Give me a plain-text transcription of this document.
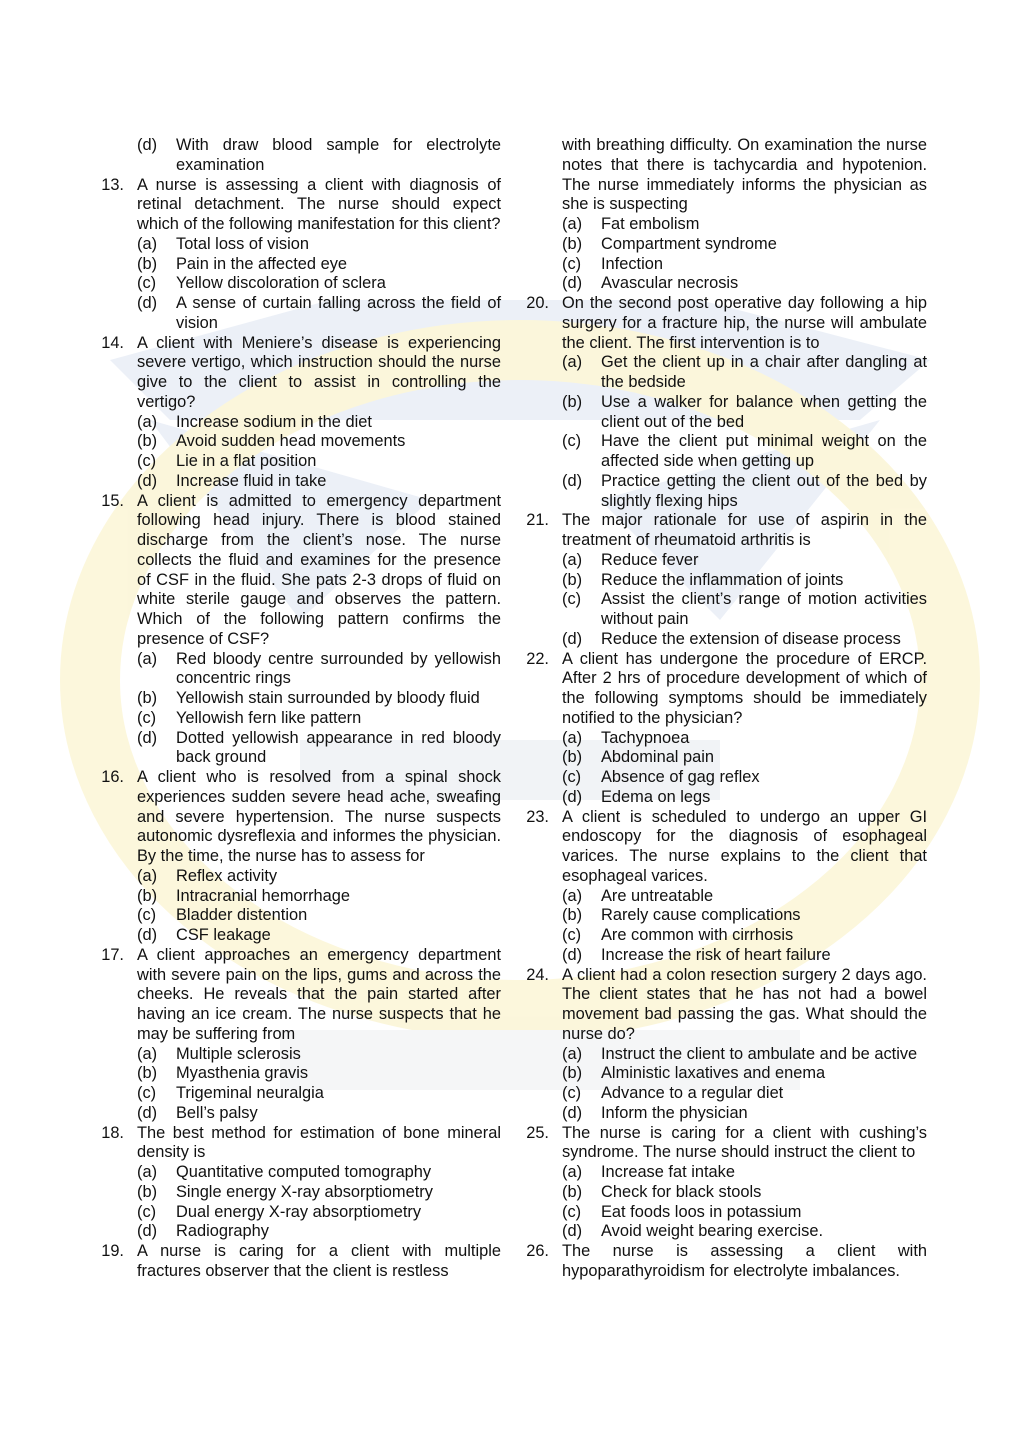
(d) With draw blood sample for electrolyte examination
13. A nurse is assessing a client with diagnosis of retinal detachment. The nurse should expect which of the following manifestation for this client?
(a) Total loss of vision
(b) Pain in the affected eye
(c) Yellow discoloration of sclera
(d) A sense of curtain falling across the field of vision
14. A client with Meniere’s disease is experiencing severe vertigo, which instruction should the nurse give to the client to assist in controlling the vertigo?
(a) Increase sodium in the diet
(b) Avoid sudden head movements
(c) Lie in a flat position
(d) Increase fluid in take
15. A client is admitted to emergency department following head injury. There is blood stained discharge from the client’s nose. The nurse collects the fluid and examines for the presence of CSF in the fluid. She pats 2-3 drops of fluid on white sterile gauge and observes the pattern. Which of the following pattern confirms the presence of CSF?
(a) Red bloody centre surrounded by yellowish concentric rings
(b) Yellowish stain surrounded by bloody fluid
(c) Yellowish fern like pattern
(d) Dotted yellowish appearance in red bloody back ground
16. A client who is resolved from a spinal shock experiences sudden severe head ache, sweafing and severe hypertension. The nurse suspects autonomic dysreflexia and informes the physician. By the time, the nurse has to assess for
(a) Reflex activity
(b) Intracranial hemorrhage
(c) Bladder distention
(d) CSF leakage
17. A client approaches an emergency department with severe pain on the lips, gums and across the cheeks. He reveals that the pain started after having an ice cream. The nurse suspects that he may be suffering from
(a) Multiple sclerosis
(b) Myasthenia gravis
(c) Trigeminal neuralgia
(d) Bell’s palsy
18. The best method for estimation of bone mineral density is
(a) Quantitative computed tomography
(b) Single energy X-ray absorptiometry
(c) Dual energy X-ray absorptiometry
(d) Radiography
19. A nurse is caring for a client with multiple fractures observer that the client is restless
with breathing difficulty. On examination the nurse notes that there is tachycardia and hypotenion. The nurse immediately informs the physician as she is suspecting
(a) Fat embolism
(b) Compartment syndrome
(c) Infection
(d) Avascular necrosis
20. On the second post operative day following a hip surgery for a fracture hip, the nurse will ambulate the client. The first intervention is to
(a) Get the client up in a chair after dangling at the bedside
(b) Use a walker for balance when getting the client out of the bed
(c) Have the client put minimal weight on the affected side when getting up
(d) Practice getting the client out of the bed by slightly flexing hips
21. The major rationale for use of aspirin in the treatment of rheumatoid arthritis is
(a) Reduce fever
(b) Reduce the inflammation of joints
(c) Assist the client’s range of motion activities without pain
(d) Reduce the extension of disease process
22. A client has undergone the procedure of ERCP. After 2 hrs of procedure development of which of the following symptoms should be immediately notified to the physician?
(a) Tachypnoea
(b) Abdominal pain
(c) Absence of gag reflex
(d) Edema on legs
23. A client is scheduled to undergo an upper GI endoscopy for the diagnosis of esophageal varices. The nurse explains to the client that esophageal varices.
(a) Are untreatable
(b) Rarely cause complications
(c) Are common with cirrhosis
(d) Increase the risk of heart failure
24. A client had a colon resection surgery 2 days ago. The client states that he has not had a bowel movement bad passing the gas. What should the nurse do?
(a) Instruct the client to ambulate and be active
(b) Alministic laxatives and enema
(c) Advance to a regular diet
(d) Inform the physician
25. The nurse is caring for a client with cushing’s syndrome. The nurse should instruct the client to
(a) Increase fat intake
(b) Check for black stools
(c) Eat foods loos in potassium
(d) Avoid weight bearing exercise.
26. The nurse is assessing a client with hypoparathyroidism for electrolyte imbalances.
